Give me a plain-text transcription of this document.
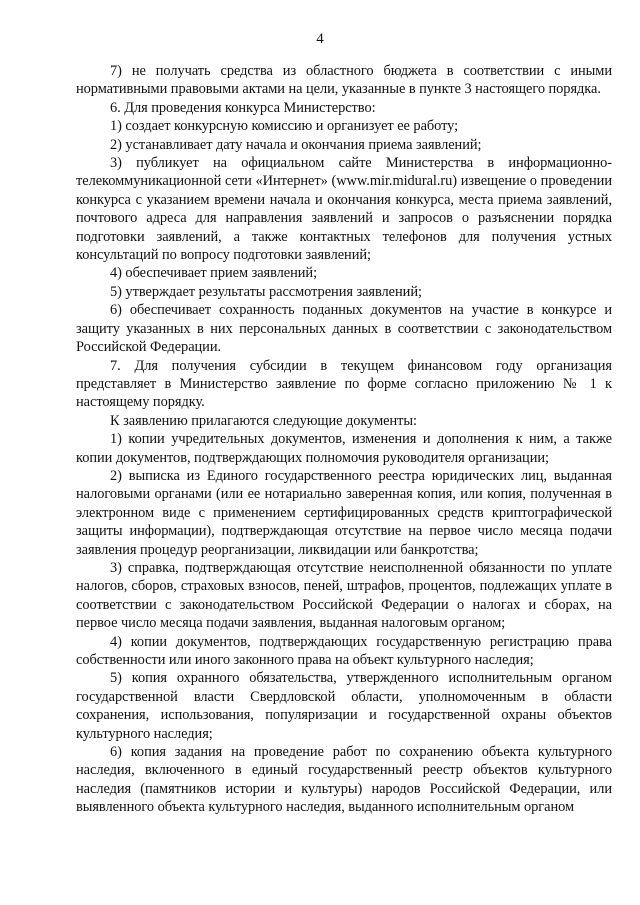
4

7) не получать средства из областного бюджета в соответствии с иными нормативными правовыми актами на цели, указанные в пункте 3 настоящего порядка.

6. Для проведения конкурса Министерство:

1) создает конкурсную комиссию и организует ее работу;

2) устанавливает дату начала и окончания приема заявлений;

3) публикует на официальном сайте Министерства в информационно-телекоммуникационной сети «Интернет» (www.mir.midural.ru) извещение о проведении конкурса с указанием времени начала и окончания конкурса, места приема заявлений, почтового адреса для направления заявлений и запросов о разъяснении порядка подготовки заявлений, а также контактных телефонов для получения устных консультаций по вопросу подготовки заявлений;

4) обеспечивает прием заявлений;

5) утверждает результаты рассмотрения заявлений;

6) обеспечивает сохранность поданных документов на участие в конкурсе и защиту указанных в них персональных данных в соответствии с законодательством Российской Федерации.

7. Для получения субсидии в текущем финансовом году организация представляет в Министерство заявление по форме согласно приложению № 1 к настоящему порядку.

К заявлению прилагаются следующие документы:

1) копии учредительных документов, изменения и дополнения к ним, а также копии документов, подтверждающих полномочия руководителя организации;

2) выписка из Единого государственного реестра юридических лиц, выданная налоговыми органами (или ее нотариально заверенная копия, или копия, полученная в электронном виде с применением сертифицированных средств криптографической защиты информации), подтверждающая отсутствие на первое число месяца подачи заявления процедур реорганизации, ликвидации или банкротства;

3) справка, подтверждающая отсутствие неисполненной обязанности по уплате налогов, сборов, страховых взносов, пеней, штрафов, процентов, подлежащих уплате в соответствии с законодательством Российской Федерации о налогах и сборах, на первое число месяца подачи заявления, выданная налоговым органом;

4) копии документов, подтверждающих государственную регистрацию права собственности или иного законного права на объект культурного наследия;

5) копия охранного обязательства, утвержденного исполнительным органом государственной власти Свердловской области, уполномоченным в области сохранения, использования, популяризации и государственной охраны объектов культурного наследия;

6) копия задания на проведение работ по сохранению объекта культурного наследия, включенного в единый государственный реестр объектов культурного наследия (памятников истории и культуры) народов Российской Федерации, или выявленного объекта культурного наследия, выданного исполнительным органом
